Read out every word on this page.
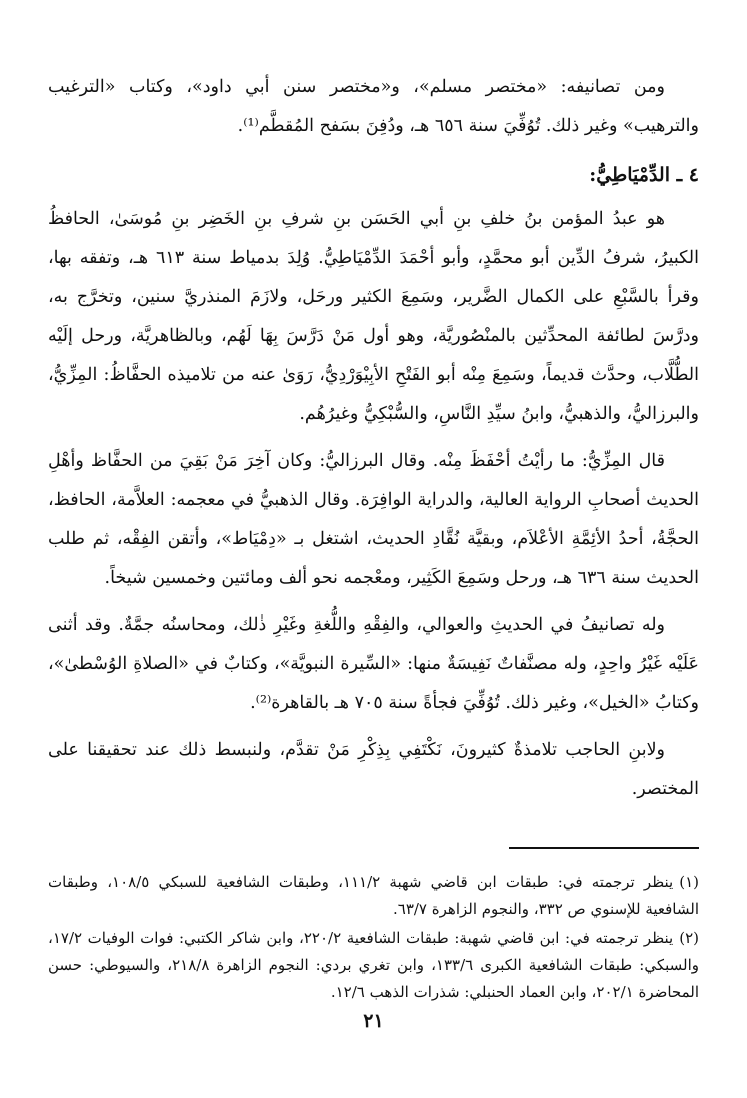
ومن تصانيفه: «مختصر مسلم»، و«مختصر سنن أبي داود»، وكتاب «الترغيب والترهيب» وغير ذلك. تُوُفِّيَ سنة ٦٥٦ هـ، ودُفِنَ بسَفح المُقطَّم⁽¹⁾.

٤ ـ الدِّمْيَاطِيُّ:

هو عبدُ المؤمن بنُ خلفِ بنِ أبي الحَسَن بنِ شرفِ بنِ الخَضِر بنِ مُوسَىٰ، الحافظُ الكبيرُ، شرفُ الدِّين أبو محمَّدٍ، وأبو أحْمَدَ الدِّمْيَاطِيُّ. وُلِدَ بدمياط سنة ٦١٣ هـ، وتفقه بها، وقرأ بالسَّبْعِ على الكمال الضَّرير، وسَمِعَ الكثير ورحَل، ولازَمَ المنذريَّ سنين، وتخرَّج به، ودرَّسَ لطائفة المحدِّثين بالمنْصُوريَّة، وهو أول مَنْ دَرَّسَ بِهَا لَهُم، وبالظاهريَّة، ورحل إلَيْه الطُّلَّاب، وحدَّث قديماً، وسَمِعَ مِنْه أبو الفَتْحِ الأبِيْوَرْدِيُّ، رَوَىٰ عنه من تلاميذه الحفَّاظُ: المِزِّيُّ، والبرزاليُّ، والذهبيُّ، وابنُ سيِّدِ النَّاسِ، والسُّبْكِيُّ وغيرُهُم.

قال المِزِّيُّ: ما رأيْتُ أحْفَظَ مِنْه. وقال البرزاليُّ: وكان آخِرَ مَنْ بَقِيَ من الحفَّاظ وأهْلِ الحديث أصحابِ الرواية العالية، والدراية الوافِرَة. وقال الذهبيُّ في معجمه: العلاَّمة، الحافظ، الحجَّةُ، أحدُ الأئِمَّةِ الأعْلاَم، وبقيَّة نُقَّادِ الحديث، اشتغل بـ «دِمْيَاط»، وأتقن الفِقْه، ثم طلب الحديث سنة ٦٣٦ هـ، ورحل وسَمِعَ الكَثِير، ومعْجمه نحو ألف ومائتين وخمسين شيخاً.

وله تصانيفُ في الحديثِ والعوالي، والفِقْهِ واللُّغةِ وغَيْرِ ذٰلك، ومحاسنُه جمَّةٌ. وقد أثنى عَلَيْه غَيْرُ واحِدٍ، وله مصنَّفاتٌ نَفِيسَةٌ منها: «السِّيرة النبويَّة»، وكتابٌ في «الصلاةِ الوُسْطىٰ»، وكتابُ «الخيل»، وغير ذلك. تُوُفِّيَ فجأةً سنة ٧٠٥ هـ بالقاهرة⁽²⁾.

ولابنِ الحاجب تلامذةٌ كثيرونَ، نَكْتَفِي بِذِكْرِ مَنْ تقدَّم، ولنبسط ذلك عند تحقيقنا على المختصر.

(١)ينظر ترجمته في: طبقات ابن قاضي شهبة ١١١/٢، وطبقات الشافعية للسبكي ١٠٨/٥، وطبقات الشافعية للإسنوي ص ٣٣٢، والنجوم الزاهرة ٦٣/٧.

(٢)ينظر ترجمته في: ابن قاضي شهبة: طبقات الشافعية ٢٢٠/٢، وابن شاكر الكتبي: فوات الوفيات ١٧/٢، والسبكي: طبقات الشافعية الكبرى ١٣٣/٦، وابن تغري بردي: النجوم الزاهرة ٢١٨/٨، والسيوطي: حسن المحاضرة ٢٠٢/١، وابن العماد الحنبلي: شذرات الذهب ١٢/٦.

٢١
